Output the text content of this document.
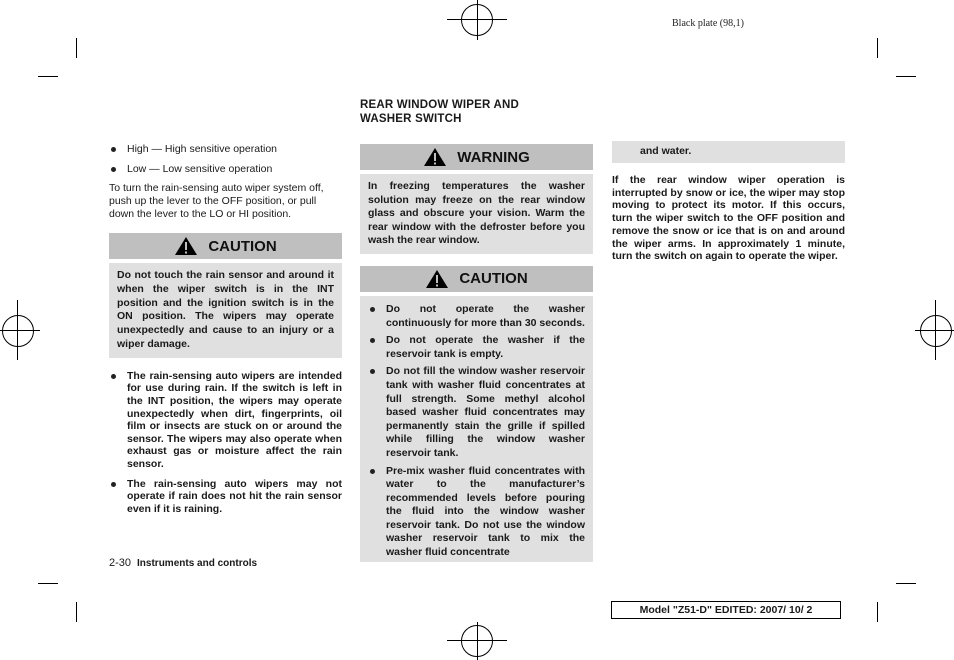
Black plate (98,1)
High — High sensitive operation
Low — Low sensitive operation
To turn the rain-sensing auto wiper system off, push up the lever to the OFF position, or pull down the lever to the LO or HI position.
CAUTION
Do not touch the rain sensor and around it when the wiper switch is in the INT position and the ignition switch is in the ON position. The wipers may operate unexpectedly and cause to an injury or a wiper damage.
The rain-sensing auto wipers are intended for use during rain. If the switch is left in the INT position, the wipers may operate unexpectedly when dirt, fingerprints, oil film or insects are stuck on or around the sensor. The wipers may also operate when exhaust gas or moisture affect the rain sensor.
The rain-sensing auto wipers may not operate if rain does not hit the rain sensor even if it is raining.
REAR WINDOW WIPER AND
WASHER SWITCH
WARNING
In freezing temperatures the washer solution may freeze on the rear window glass and obscure your vision. Warm the rear window with the defroster before you wash the rear window.
CAUTION
Do not operate the washer continuously for more than 30 seconds.
Do not operate the washer if the reservoir tank is empty.
Do not fill the window washer reservoir tank with washer fluid concentrates at full strength. Some methyl alcohol based washer fluid concentrates may permanently stain the grille if spilled while filling the window washer reservoir tank.
Pre-mix washer fluid concentrates with water to the manufacturer’s recommended levels before pouring the fluid into the window washer reservoir tank. Do not use the window washer reservoir tank to mix the washer fluid concentrate
and water.
If the rear window wiper operation is interrupted by snow or ice, the wiper may stop moving to protect its motor. If this occurs, turn the wiper switch to the OFF position and remove the snow or ice that is on and around the wiper arms. In approximately 1 minute, turn the switch on again to operate the wiper.
2-30 Instruments and controls
Model "Z51-D" EDITED: 2007/ 10/ 2
